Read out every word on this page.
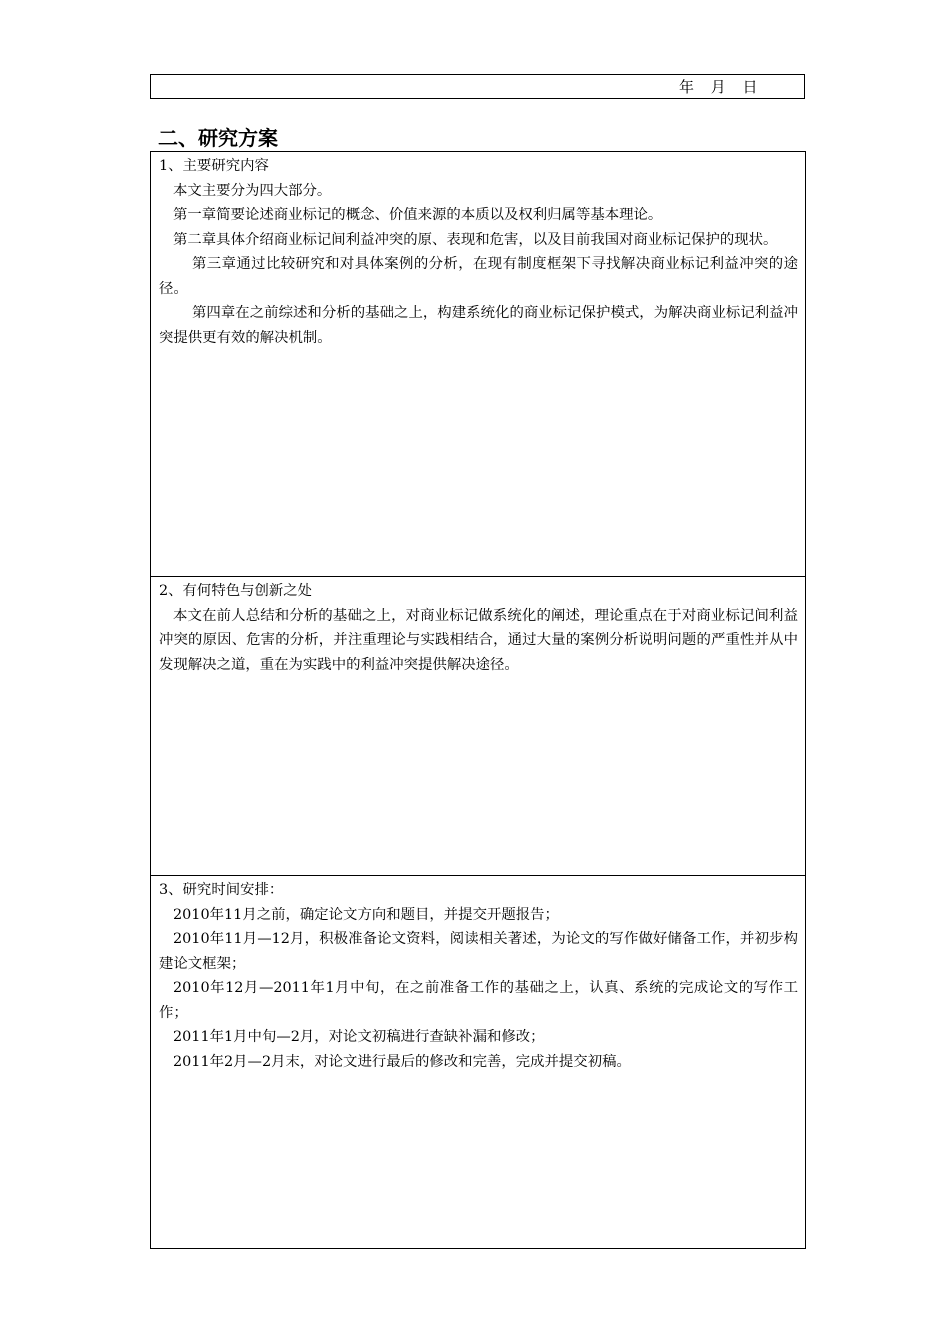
年 月 日
二、研究方案

1、主要研究内容

本文主要分为四大部分。

第一章简要论述商业标记的概念、价值来源的本质以及权利归属等基本理论。

第二章具体介绍商业标记间利益冲突的原、表现和危害，以及目前我国对商业标记保护的现状。

第三章通过比较研究和对具体案例的分析，在现有制度框架下寻找解决商业标记利益冲突的途径。

第四章在之前综述和分析的基础之上，构建系统化的商业标记保护模式，为解决商业标记利益冲突提供更有效的解决机制。

2、有何特色与创新之处

本文在前人总结和分析的基础之上，对商业标记做系统化的阐述，理论重点在于对商业标记间利益冲突的原因、危害的分析，并注重理论与实践相结合，通过大量的案例分析说明问题的严重性并从中发现解决之道，重在为实践中的利益冲突提供解决途径。

3、研究时间安排：

2010年11月之前，确定论文方向和题目，并提交开题报告；

2010年11月—12月，积极准备论文资料，阅读相关著述，为论文的写作做好储备工作，并初步构建论文框架；

2010年12月—2011年1月中旬，在之前准备工作的基础之上，认真、系统的完成论文的写作工作；

2011年1月中旬—2月，对论文初稿进行查缺补漏和修改；

2011年2月—2月末，对论文进行最后的修改和完善，完成并提交初稿。
